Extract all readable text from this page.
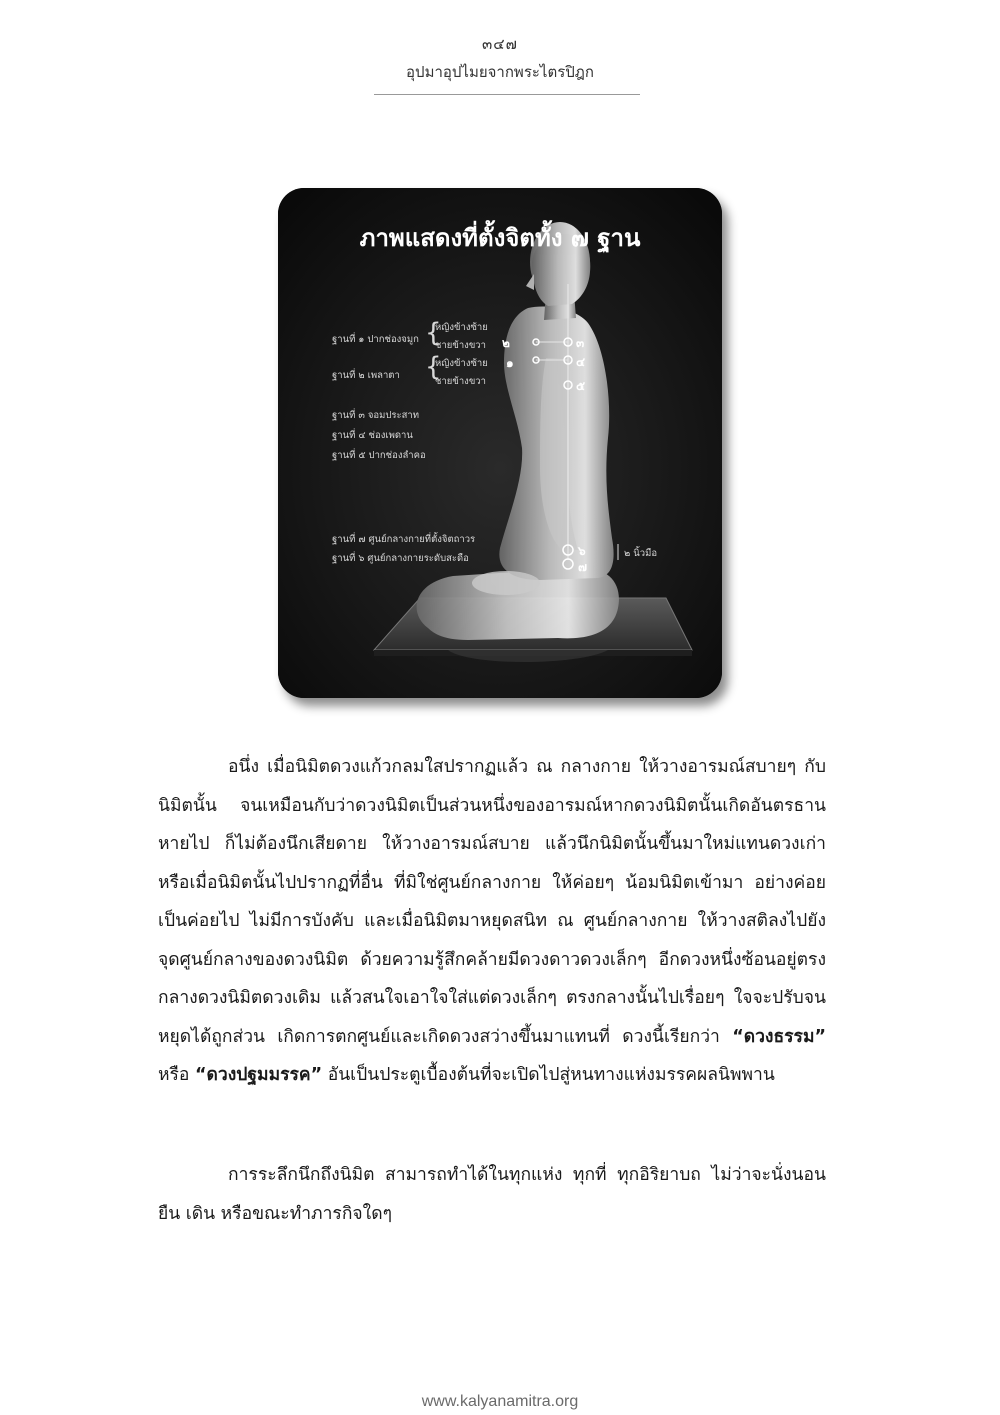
๓๔๗
อุปมาอุปไมยจากพระไตรปิฎก
ภาพแสดงที่ตั้งจิตทั้ง ๗ ฐาน
ฐานที่ ๑ ปากช่องจมูก {
หญิงข้างซ้าย
ชายข้างขวา
ฐานที่ ๒ เพลาตา {
หญิงข้างซ้าย
ชายข้างขวา
ฐานที่ ๓ จอมประสาท
ฐานที่ ๔ ช่องเพดาน
ฐานที่ ๕ ปากช่องลำคอ
ฐานที่ ๗ ศูนย์กลางกายที่ตั้งจิตถาวร
ฐานที่ ๖ ศูนย์กลางกายระดับสะดือ	๒ นิ้วมือ
๒
๑
๓
๔
๕
๖
๗
อนึ่ง เมื่อนิมิตดวงแก้วกลมใสปรากฏแล้ว ณ กลางกาย ให้วางอารมณ์สบายๆ กับนิมิตนั้น จนเหมือนกับว่าดวงนิมิตเป็นส่วนหนึ่งของอารมณ์หากดวงนิมิตนั้นเกิดอันตรธานหายไป ก็ไม่ต้องนึกเสียดาย ให้วางอารมณ์สบาย แล้วนึกนิมิตนั้นขึ้นมาใหม่แทนดวงเก่า หรือเมื่อนิมิตนั้นไปปรากฏที่อื่น ที่มิใช่ศูนย์กลางกาย ให้ค่อยๆ น้อมนิมิตเข้ามา อย่างค่อยเป็นค่อยไป ไม่มีการบังคับ และเมื่อนิมิตมาหยุดสนิท ณ ศูนย์กลางกาย ให้วางสติลงไปยังจุดศูนย์กลางของดวงนิมิต ด้วยความรู้สึกคล้ายมีดวงดาวดวงเล็กๆ อีกดวงหนึ่งซ้อนอยู่ตรงกลางดวงนิมิตดวงเดิม แล้วสนใจเอาใจใส่แต่ดวงเล็กๆ ตรงกลางนั้นไปเรื่อยๆ ใจจะปรับจนหยุดได้ถูกส่วน เกิดการตกศูนย์และเกิดดวงสว่างขึ้นมาแทนที่ ดวงนี้เรียกว่า “ดวงธรรม” หรือ “ดวงปฐมมรรค” อันเป็นประตูเบื้องต้นที่จะเปิดไปสู่หนทางแห่งมรรคผลนิพพาน
การระลึกนึกถึงนิมิต สามารถทำได้ในทุกแห่ง ทุกที่ ทุกอิริยาบถ ไม่ว่าจะนั่งนอน ยืน เดิน หรือขณะทำภารกิจใดๆ
www.kalyanamitra.org
